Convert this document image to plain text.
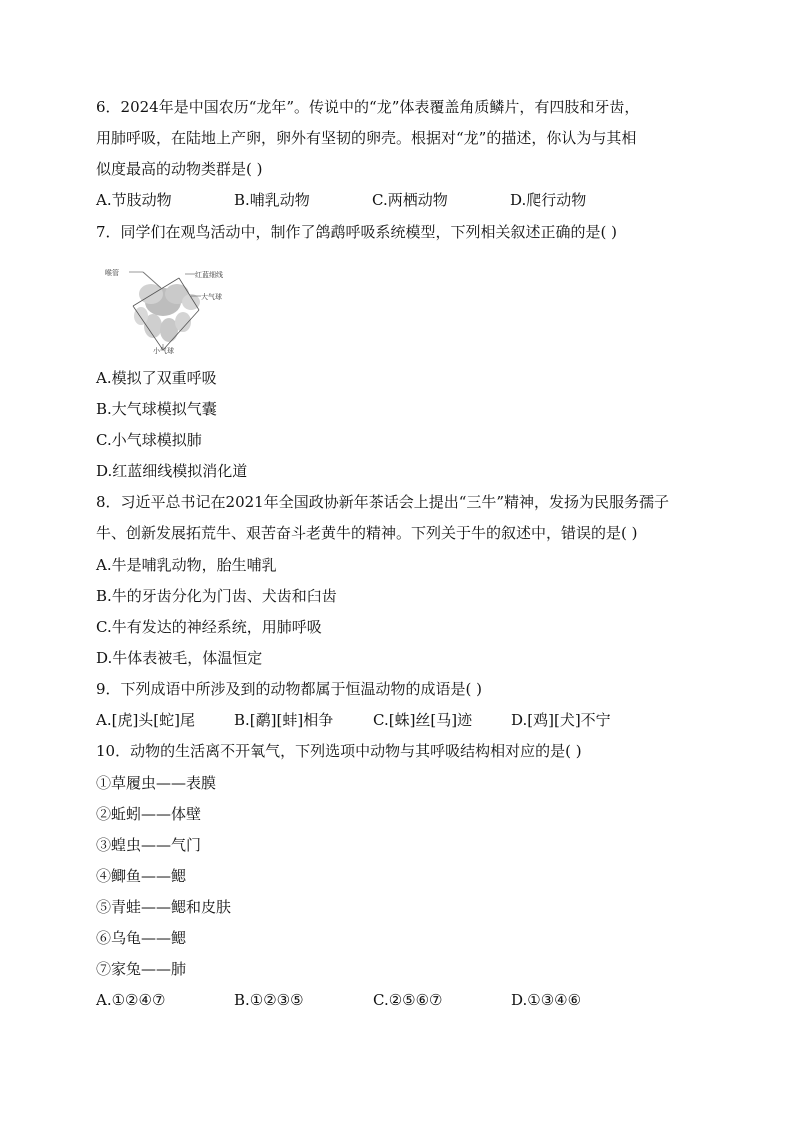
6．2024年是中国农历“龙年”。传说中的“龙”体表覆盖角质鳞片，有四肢和牙齿，
用肺呼吸，在陆地上产卵，卵外有坚韧的卵壳。根据对“龙”的描述，你认为与其相
似度最高的动物类群是( )
A.节肢动物	B.哺乳动物	C.两栖动物	D.爬行动物
7．同学们在观鸟活动中，制作了鸽鹉呼吸系统模型，下列相关叙述正确的是( )
喉管	红蓝细线
大气球
小气球
A.模拟了双重呼吸
B.大气球模拟气囊
C.小气球模拟肺
D.红蓝细线模拟消化道
8．习近平总书记在2021年全国政协新年茶话会上提出“三牛”精神，发扬为民服务孺子
牛、创新发展拓荒牛、艰苦奋斗老黄牛的精神。下列关于牛的叙述中，错误的是( )
A.牛是哺乳动物，胎生哺乳
B.牛的牙齿分化为门齿、犬齿和臼齿
C.牛有发达的神经系统，用肺呼吸
D.牛体表被毛，体温恒定
9．下列成语中所涉及到的动物都属于恒温动物的成语是( )
A.[虎]头[蛇]尾	B.[鹬][蚌]相争	C.[蛛]丝[马]迹	D.[鸡][犬]不宁
10．动物的生活离不开氧气，下列选项中动物与其呼吸结构相对应的是( )
①草履虫——表膜
②蚯蚓——体壁
③蝗虫——气门
④鲫鱼——鳃
⑤青蛙——鳃和皮肤
⑥乌龟——鳃
⑦家兔——肺
A.①②④⑦	B.①②③⑤	C.②⑤⑥⑦	D.①③④⑥
